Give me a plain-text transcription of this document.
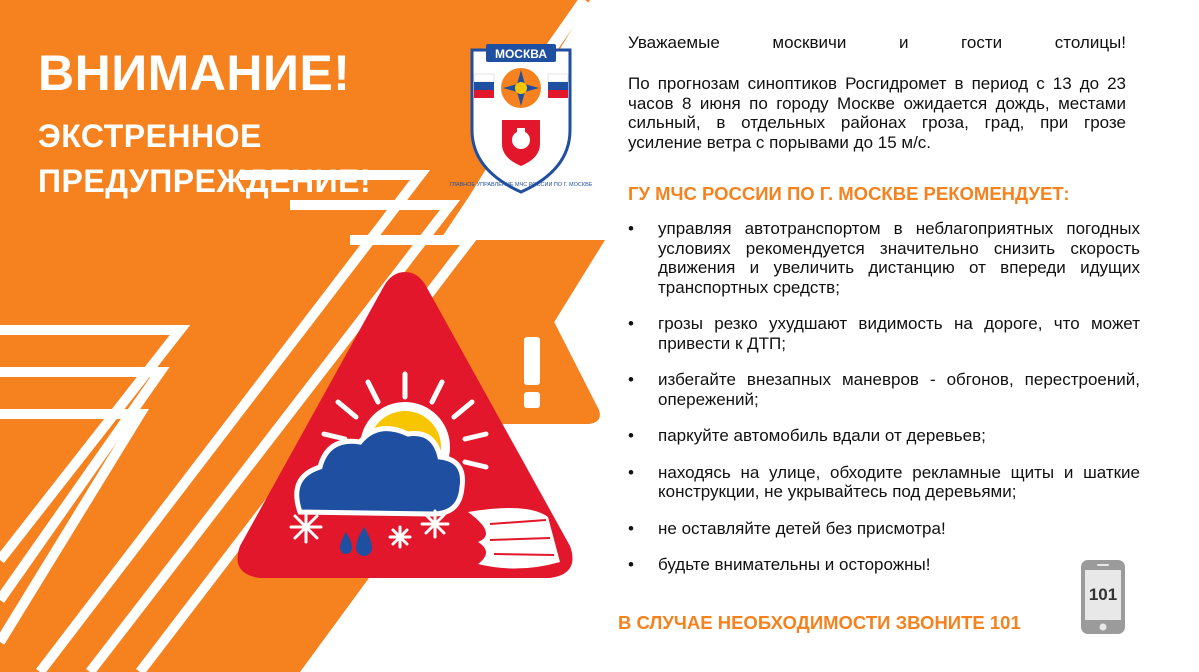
ВНИМАНИЕ!
ЭКСТРЕННОЕ
ПРЕДУПРЕЖДЕНИЕ!
МОСКВА
ГЛАВНОЕ УПРАВЛЕНИЕ МЧС РОССИИ ПО Г. МОСКВЕ
Уважаемые москвичи и гости столицы!
По прогнозам синоптиков Росгидромет в период с 13 до 23 часов 8 июня по городу Москве ожидается дождь, местами сильный, в отдельных районах гроза, град, при грозе усиление ветра с порывами до 15 м/с.
ГУ МЧС РОССИИ ПО Г. МОСКВЕ РЕКОМЕНДУЕТ:
• управляя автотранспортом в неблагоприятных погодных условиях рекомендуется значительно снизить скорость движения и увеличить дистанцию от впереди идущих транспортных средств;
• грозы резко ухудшают видимость на дороге, что может привести к ДТП;
• избегайте внезапных маневров - обгонов, перестроений, опережений;
• паркуйте автомобиль вдали от деревьев;
• находясь на улице, обходите рекламные щиты и шаткие конструкции, не укрывайтесь под деревьями;
• не оставляйте детей без присмотра!
• будьте внимательны и осторожны!
В СЛУЧАЕ НЕОБХОДИМОСТИ ЗВОНИТЕ 101
101
